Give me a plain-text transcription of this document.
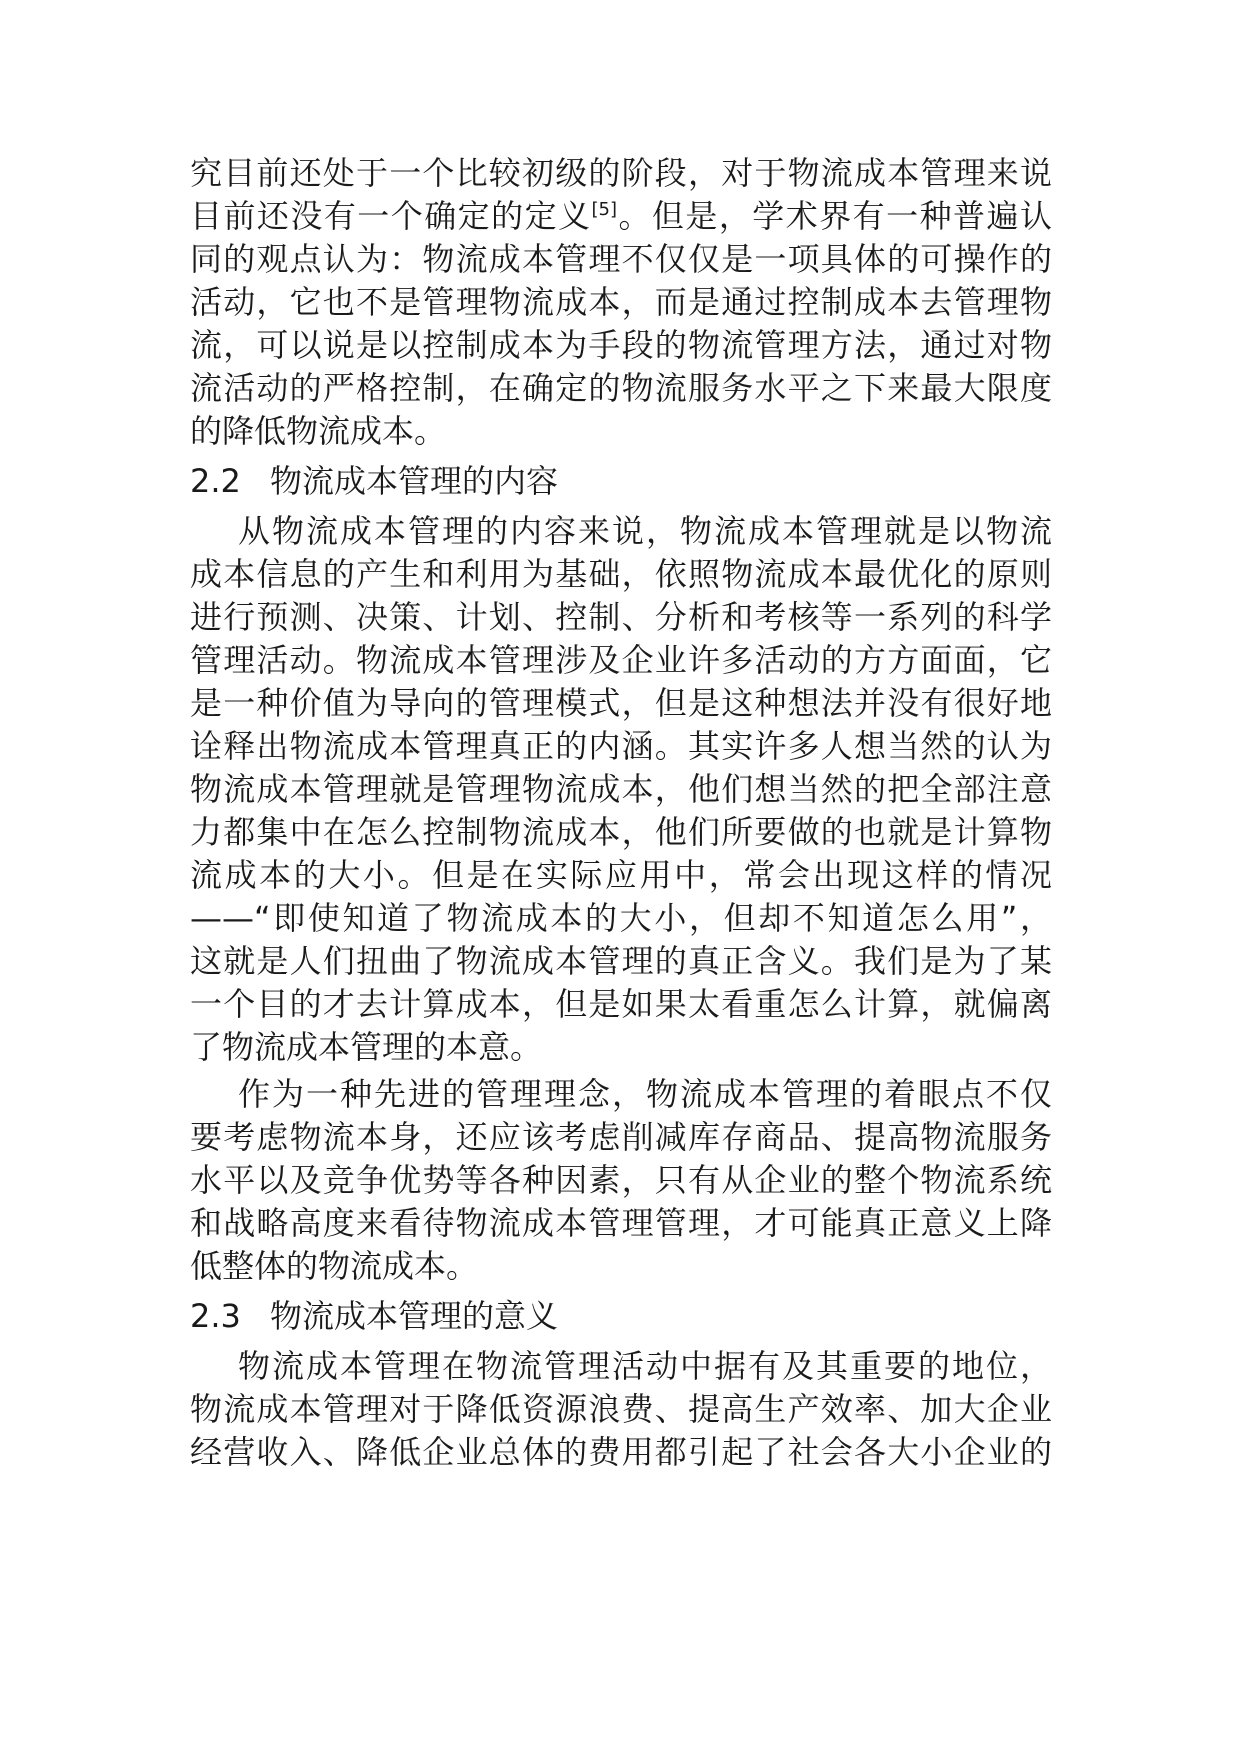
究目前还处于一个比较初级的阶段，对于物流成本管理来说
目前还没有一个确定的定义[5]。但是，学术界有一种普遍认
同的观点认为：物流成本管理不仅仅是一项具体的可操作的
活动，它也不是管理物流成本，而是通过控制成本去管理物
流，可以说是以控制成本为手段的物流管理方法，通过对物
流活动的严格控制，在确定的物流服务水平之下来最大限度
的降低物流成本。

2.2 物流成本管理的内容

从物流成本管理的内容来说，物流成本管理就是以物流
成本信息的产生和利用为基础，依照物流成本最优化的原则
进行预测、决策、计划、控制、分析和考核等一系列的科学
管理活动。物流成本管理涉及企业许多活动的方方面面，它
是一种价值为导向的管理模式，但是这种想法并没有很好地
诠释出物流成本管理真正的内涵。其实许多人想当然的认为
物流成本管理就是管理物流成本，他们想当然的把全部注意
力都集中在怎么控制物流成本，他们所要做的也就是计算物
流成本的大小。但是在实际应用中，常会出现这样的情况
——“即使知道了物流成本的大小，但却不知道怎么用”，
这就是人们扭曲了物流成本管理的真正含义。我们是为了某
一个目的才去计算成本，但是如果太看重怎么计算，就偏离
了物流成本管理的本意。

作为一种先进的管理理念，物流成本管理的着眼点不仅
要考虑物流本身，还应该考虑削减库存商品、提高物流服务
水平以及竞争优势等各种因素，只有从企业的整个物流系统
和战略高度来看待物流成本管理管理，才可能真正意义上降
低整体的物流成本。

2.3 物流成本管理的意义

物流成本管理在物流管理活动中据有及其重要的地位，
物流成本管理对于降低资源浪费、提高生产效率、加大企业
经营收入、降低企业总体的费用都引起了社会各大小企业的
